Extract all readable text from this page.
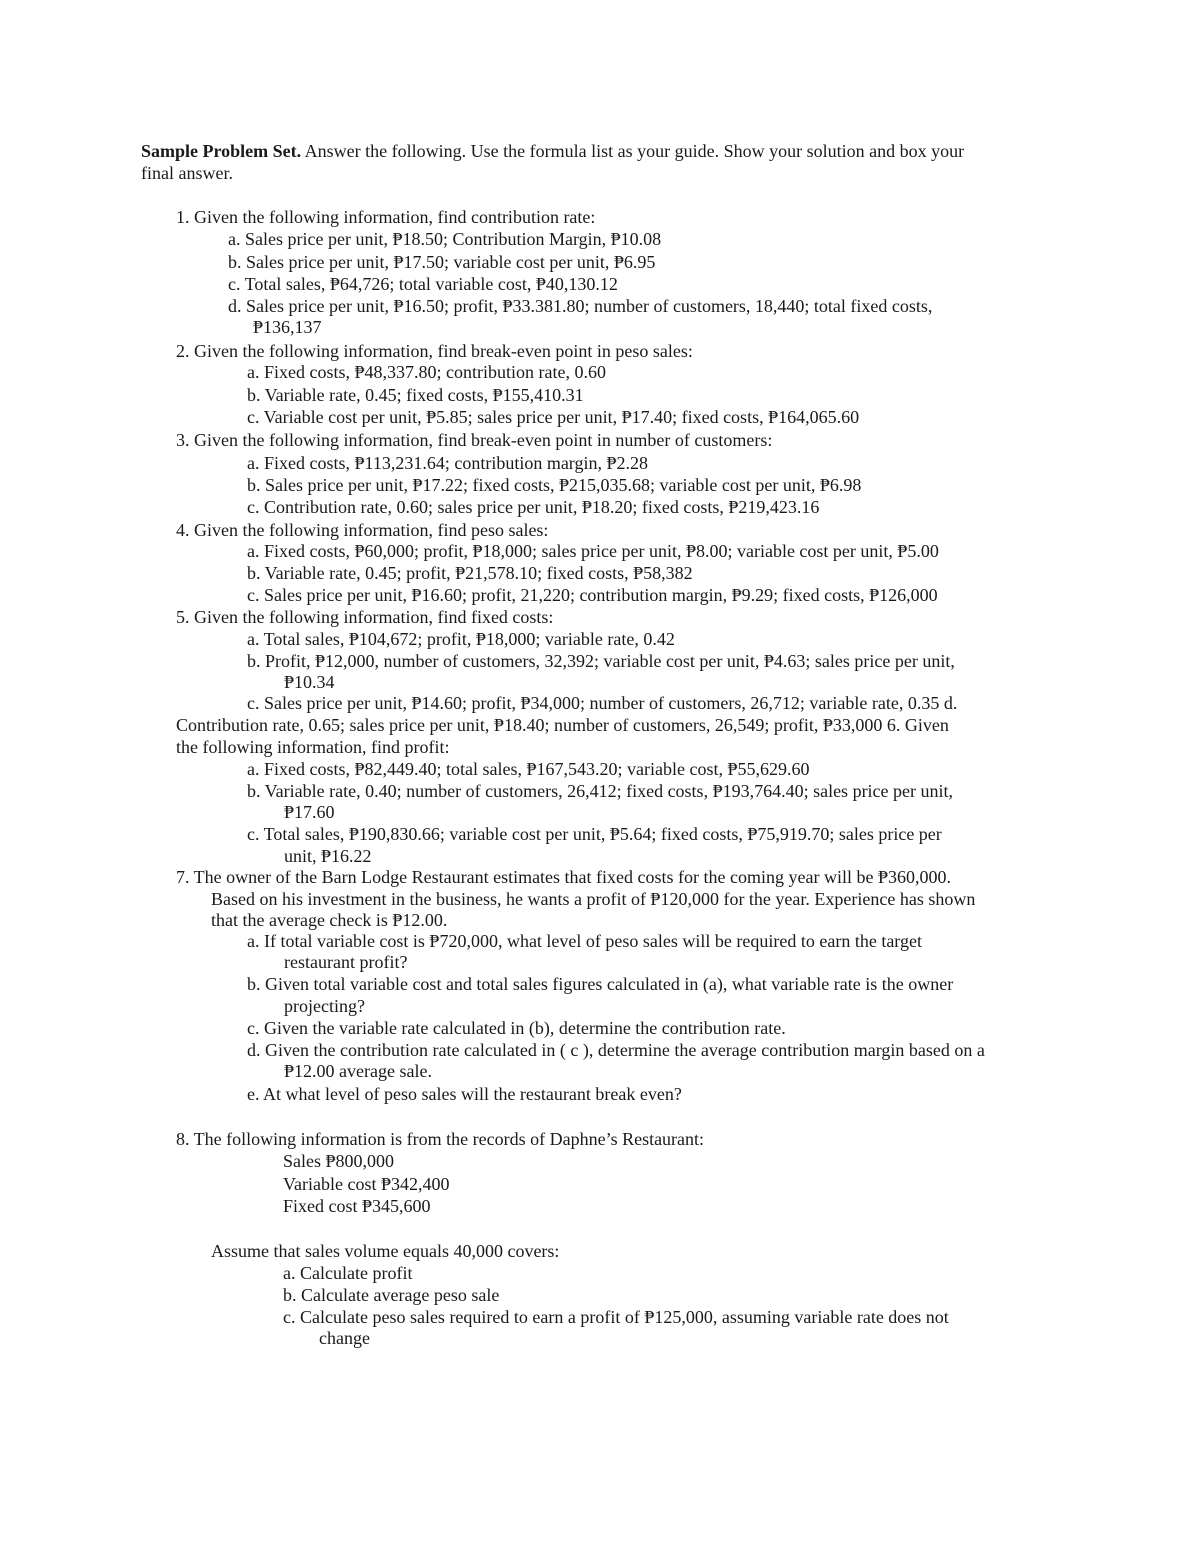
Sample Problem Set. Answer the following. Use the formula list as your guide. Show your solution and box your
final answer.
1. Given the following information, find contribution rate:
a. Sales price per unit, ₱18.50; Contribution Margin, ₱10.08
b. Sales price per unit, ₱17.50; variable cost per unit, ₱6.95
c. Total sales, ₱64,726; total variable cost, ₱40,130.12
d. Sales price per unit, ₱16.50; profit, ₱33.381.80; number of customers, 18,440; total fixed costs,
₱136,137
2. Given the following information, find break-even point in peso sales:
a. Fixed costs, ₱48,337.80; contribution rate, 0.60
b. Variable rate, 0.45; fixed costs, ₱155,410.31
c. Variable cost per unit, ₱5.85; sales price per unit, ₱17.40; fixed costs, ₱164,065.60
3. Given the following information, find break-even point in number of customers:
a. Fixed costs, ₱113,231.64; contribution margin, ₱2.28
b. Sales price per unit, ₱17.22; fixed costs, ₱215,035.68; variable cost per unit, ₱6.98
c. Contribution rate, 0.60; sales price per unit, ₱18.20; fixed costs, ₱219,423.16
4. Given the following information, find peso sales:
a. Fixed costs, ₱60,000; profit, ₱18,000; sales price per unit, ₱8.00; variable cost per unit, ₱5.00
b. Variable rate, 0.45; profit, ₱21,578.10; fixed costs, ₱58,382
c. Sales price per unit, ₱16.60; profit, 21,220; contribution margin, ₱9.29; fixed costs, ₱126,000
5. Given the following information, find fixed costs:
a. Total sales, ₱104,672; profit, ₱18,000; variable rate, 0.42
b. Profit, ₱12,000, number of customers, 32,392; variable cost per unit, ₱4.63; sales price per unit,
₱10.34
c. Sales price per unit, ₱14.60; profit, ₱34,000; number of customers, 26,712; variable rate, 0.35 d.
Contribution rate, 0.65; sales price per unit, ₱18.40; number of customers, 26,549; profit, ₱33,000 6. Given
the following information, find profit:
a. Fixed costs, ₱82,449.40; total sales, ₱167,543.20; variable cost, ₱55,629.60
b. Variable rate, 0.40; number of customers, 26,412; fixed costs, ₱193,764.40; sales price per unit,
₱17.60
c. Total sales, ₱190,830.66; variable cost per unit, ₱5.64; fixed costs, ₱75,919.70; sales price per
unit, ₱16.22
7. The owner of the Barn Lodge Restaurant estimates that fixed costs for the coming year will be ₱360,000.
Based on his investment in the business, he wants a profit of ₱120,000 for the year. Experience has shown
that the average check is ₱12.00.
a. If total variable cost is ₱720,000, what level of peso sales will be required to earn the target
restaurant profit?
b. Given total variable cost and total sales figures calculated in (a), what variable rate is the owner
projecting?
c. Given the variable rate calculated in (b), determine the contribution rate.
d. Given the contribution rate calculated in ( c ), determine the average contribution margin based on a
₱12.00 average sale.
e. At what level of peso sales will the restaurant break even?
8. The following information is from the records of Daphne’s Restaurant:
Sales ₱800,000
Variable cost ₱342,400
Fixed cost ₱345,600
Assume that sales volume equals 40,000 covers:
a. Calculate profit
b. Calculate average peso sale
c. Calculate peso sales required to earn a profit of ₱125,000, assuming variable rate does not
change
